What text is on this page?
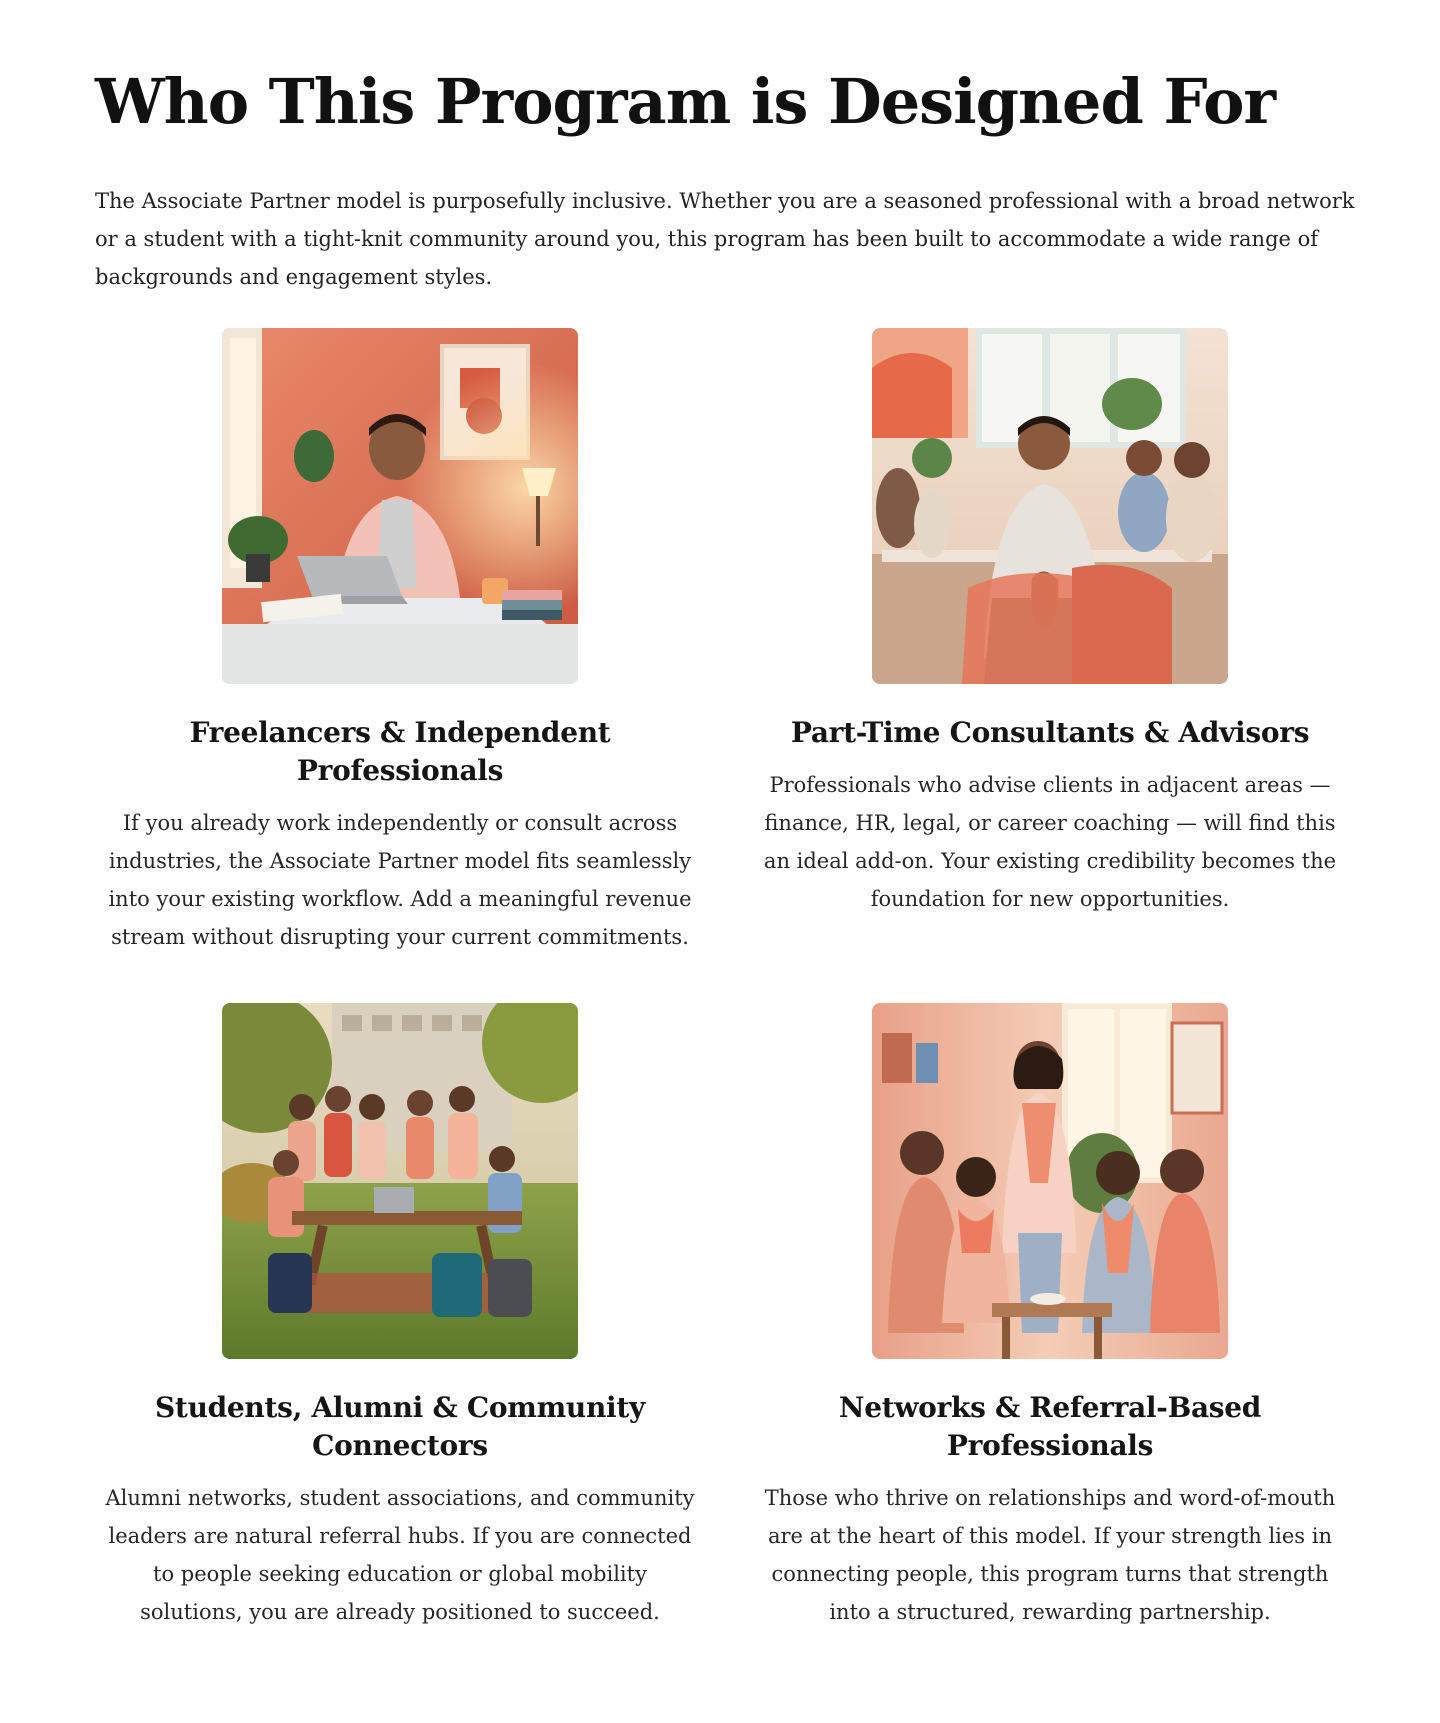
Who This Program is Designed For

The Associate Partner model is purposefully inclusive. Whether you are a seasoned professional with a broad network or a student with a tight-knit community around you, this program has been built to accommodate a wide range of backgrounds and engagement styles.

Freelancers & Independent Professionals

If you already work independently or consult across industries, the Associate Partner model fits seamlessly into your existing workflow. Add a meaningful revenue stream without disrupting your current commitments.

Part-Time Consultants & Advisors

Professionals who advise clients in adjacent areas — finance, HR, legal, or career coaching — will find this an ideal add-on. Your existing credibility becomes the foundation for new opportunities.

Students, Alumni & Community Connectors

Alumni networks, student associations, and community leaders are natural referral hubs. If you are connected to people seeking education or global mobility solutions, you are already positioned to succeed.

Networks & Referral-Based Professionals

Those who thrive on relationships and word-of-mouth are at the heart of this model. If your strength lies in connecting people, this program turns that strength into a structured, rewarding partnership.
